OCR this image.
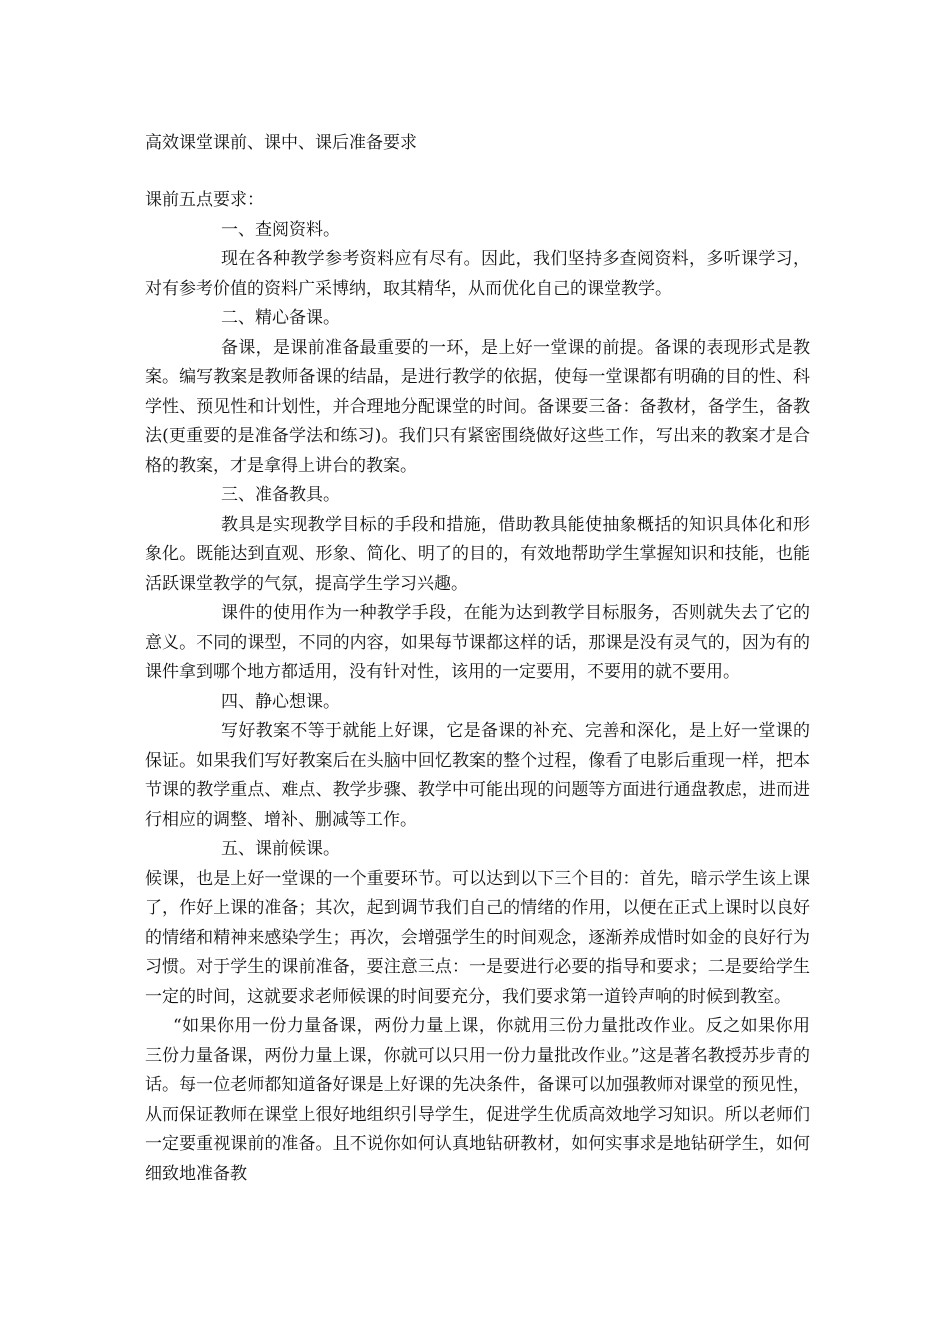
高效课堂课前、课中、课后准备要求

课前五点要求：

一、查阅资料。

现在各种教学参考资料应有尽有。因此，我们坚持多查阅资料，多听课学习，对有参考价值的资料广采博纳，取其精华，从而优化自己的课堂教学。

二、精心备课。

备课，是课前准备最重要的一环，是上好一堂课的前提。备课的表现形式是教案。编写教案是教师备课的结晶，是进行教学的依据，使每一堂课都有明确的目的性、科学性、预见性和计划性，并合理地分配课堂的时间。备课要三备：备教材，备学生，备教法(更重要的是准备学法和练习)。我们只有紧密围绕做好这些工作，写出来的教案才是合格的教案，才是拿得上讲台的教案。

三、准备教具。

教具是实现教学目标的手段和措施，借助教具能使抽象概括的知识具体化和形象化。既能达到直观、形象、简化、明了的目的，有效地帮助学生掌握知识和技能，也能活跃课堂教学的气氛，提高学生学习兴趣。

课件的使用作为一种教学手段，在能为达到教学目标服务，否则就失去了它的意义。不同的课型，不同的内容，如果每节课都这样的话，那课是没有灵气的，因为有的课件拿到哪个地方都适用，没有针对性，该用的一定要用，不要用的就不要用。

四、静心想课。

写好教案不等于就能上好课，它是备课的补充、完善和深化，是上好一堂课的保证。如果我们写好教案后在头脑中回忆教案的整个过程，像看了电影后重现一样，把本节课的教学重点、难点、教学步骤、教学中可能出现的问题等方面进行通盘教虑，进而进行相应的调整、增补、删减等工作。

五、课前候课。

候课，也是上好一堂课的一个重要环节。可以达到以下三个目的：首先，暗示学生该上课了，作好上课的准备；其次，起到调节我们自己的情绪的作用，以便在正式上课时以良好的情绪和精神来感染学生；再次，会增强学生的时间观念，逐渐养成惜时如金的良好行为习惯。对于学生的课前准备，要注意三点：一是要进行必要的指导和要求；二是要给学生一定的时间，这就要求老师候课的时间要充分，我们要求第一道铃声响的时候到教室。

“如果你用一份力量备课，两份力量上课，你就用三份力量批改作业。反之如果你用三份力量备课，两份力量上课，你就可以只用一份力量批改作业。”这是著名教授苏步青的话。每一位老师都知道备好课是上好课的先决条件，备课可以加强教师对课堂的预见性，从而保证教师在课堂上很好地组织引导学生，促进学生优质高效地学习知识。所以老师们一定要重视课前的准备。且不说你如何认真地钻研教材，如何实事求是地钻研学生，如何细致地准备教
